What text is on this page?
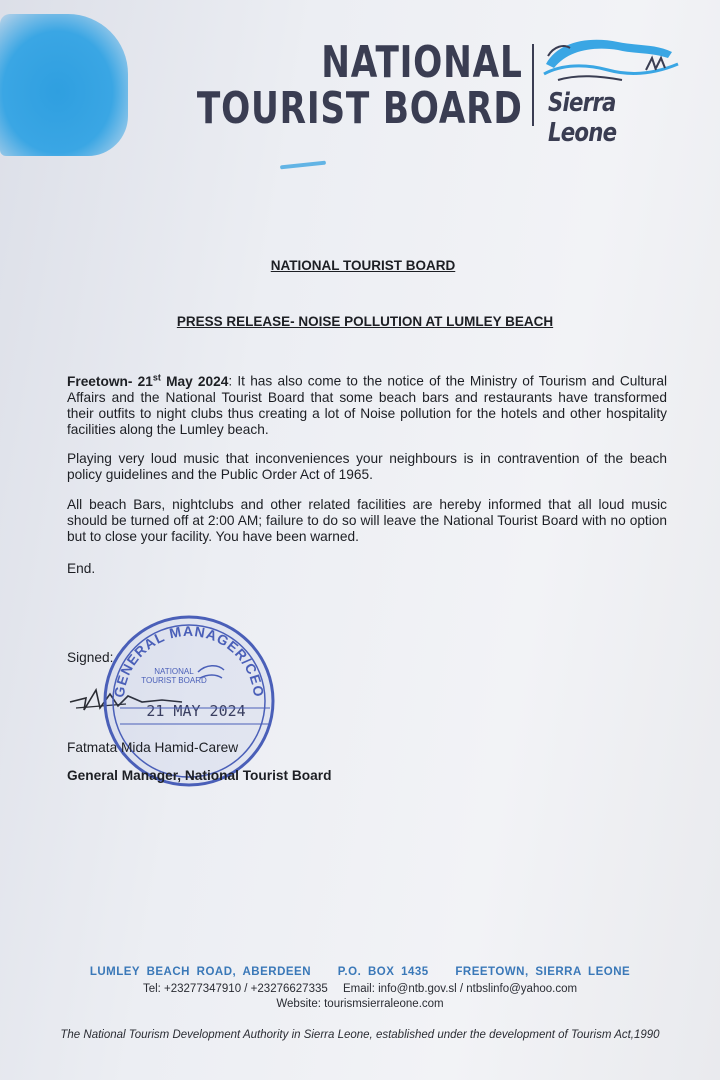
NATIONAL
TOURIST BOARD Sierra Leone
NATIONAL TOURIST BOARD
PRESS RELEASE- NOISE POLLUTION AT LUMLEY BEACH
Freetown- 21st May 2024: It has also come to the notice of the Ministry of Tourism and Cultural Affairs and the National Tourist Board that some beach bars and restaurants have transformed their outfits to night clubs thus creating a lot of Noise pollution for the hotels and other hospitality facilities along the Lumley beach.
Playing very loud music that inconveniences your neighbours is in contravention of the beach policy guidelines and the Public Order Act of 1965.
All beach Bars, nightclubs and other related facilities are hereby informed that all loud music should be turned off at 2:00 AM; failure to do so will leave the National Tourist Board with no option but to close your facility. You have been warned.
End.
Signed:
GENERAL MANAGER/CEO
NATIONAL
TOURIST BOARD
21 MAY 2024
Fatmata Mida Hamid-Carew
General Manager, National Tourist Board
LUMLEY BEACH ROAD, ABERDEEN P.O. BOX 1435 FREETOWN, SIERRA LEONE
Tel: +23277347910 / +23276627335 Email: info@ntb.gov.sl / ntbslinfo@yahoo.com
Website: tourismsierraleone.com
The National Tourism Development Authority in Sierra Leone, established under the development of Tourism Act,1990
